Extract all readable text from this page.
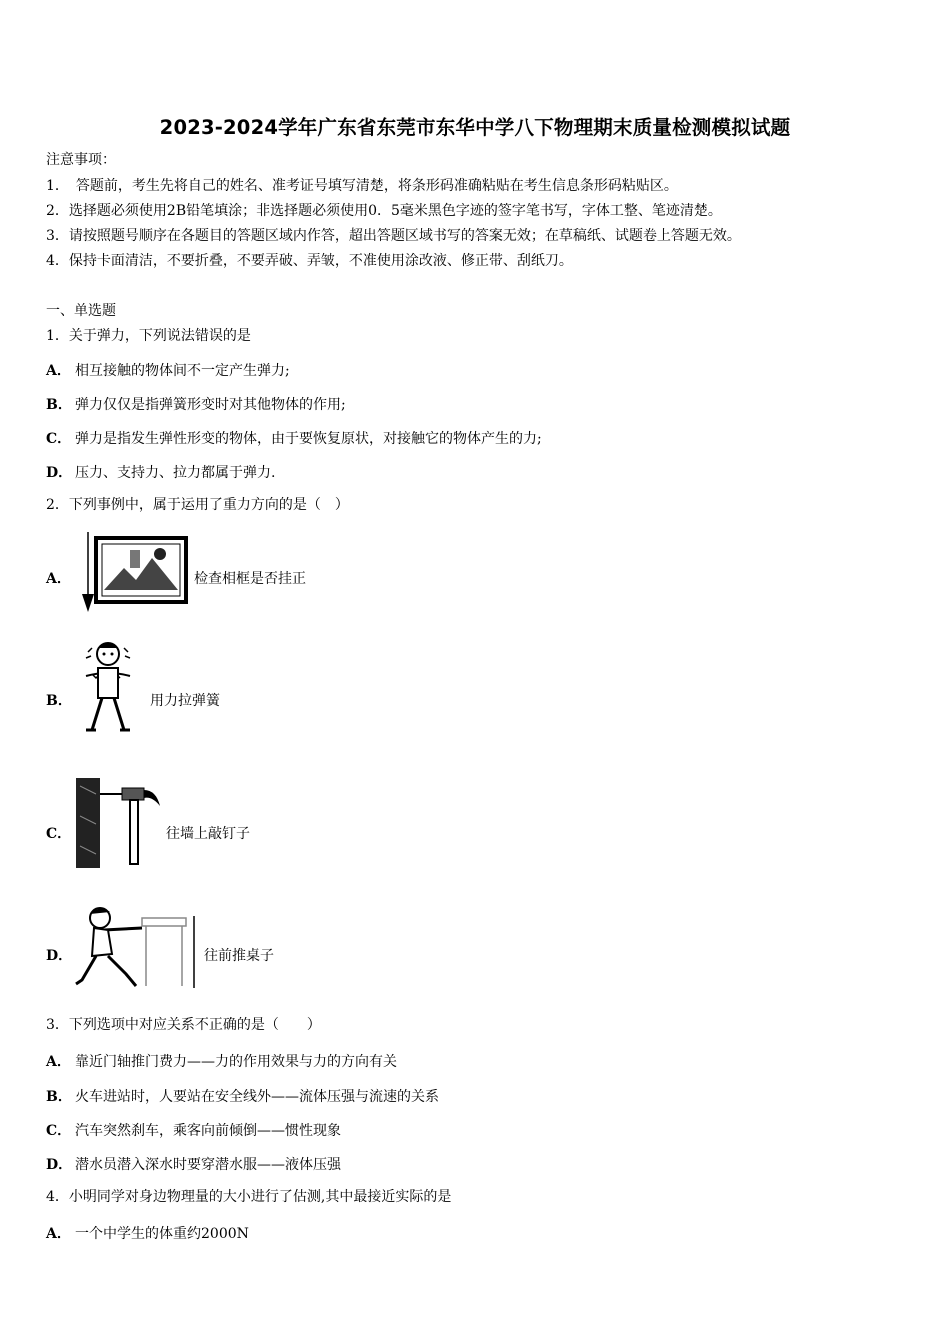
2023-2024学年广东省东莞市东华中学八下物理期末质量检测模拟试题
注意事项：
1．　答题前，考生先将自己的姓名、准考证号填写清楚，将条形码准确粘贴在考生信息条形码粘贴区。
2．选择题必须使用2B铅笔填涂；非选择题必须使用0．5毫米黑色字迹的签字笔书写，字体工整、笔迹清楚。
3．请按照题号顺序在各题目的答题区域内作答，超出答题区域书写的答案无效；在草稿纸、试题卷上答题无效。
4．保持卡面清洁，不要折叠，不要弄破、弄皱，不准使用涂改液、修正带、刮纸刀。
一、单选题
1．关于弹力，下列说法错误的是
A． 相互接触的物体间不一定产生弹力;
B． 弹力仅仅是指弹簧形变时对其他物体的作用;
C． 弹力是指发生弹性形变的物体，由于要恢复原状，对接触它的物体产生的力;
D． 压力、支持力、拉力都属于弹力.
2．下列事例中，属于运用了重力方向的是（　）
A．	检查相框是否挂正
B．	用力拉弹簧
C．	往墙上敲钉子
D．	往前推桌子
3．下列选项中对应关系不正确的是（　　）
A． 靠近门轴推门费力——力的作用效果与力的方向有关
B． 火车进站时，人要站在安全线外——流体压强与流速的关系
C． 汽车突然刹车，乘客向前倾倒——惯性现象
D． 潜水员潜入深水时要穿潜水服——液体压强
4．小明同学对身边物理量的大小进行了估测,其中最接近实际的是
A． 一个中学生的体重约2000N
